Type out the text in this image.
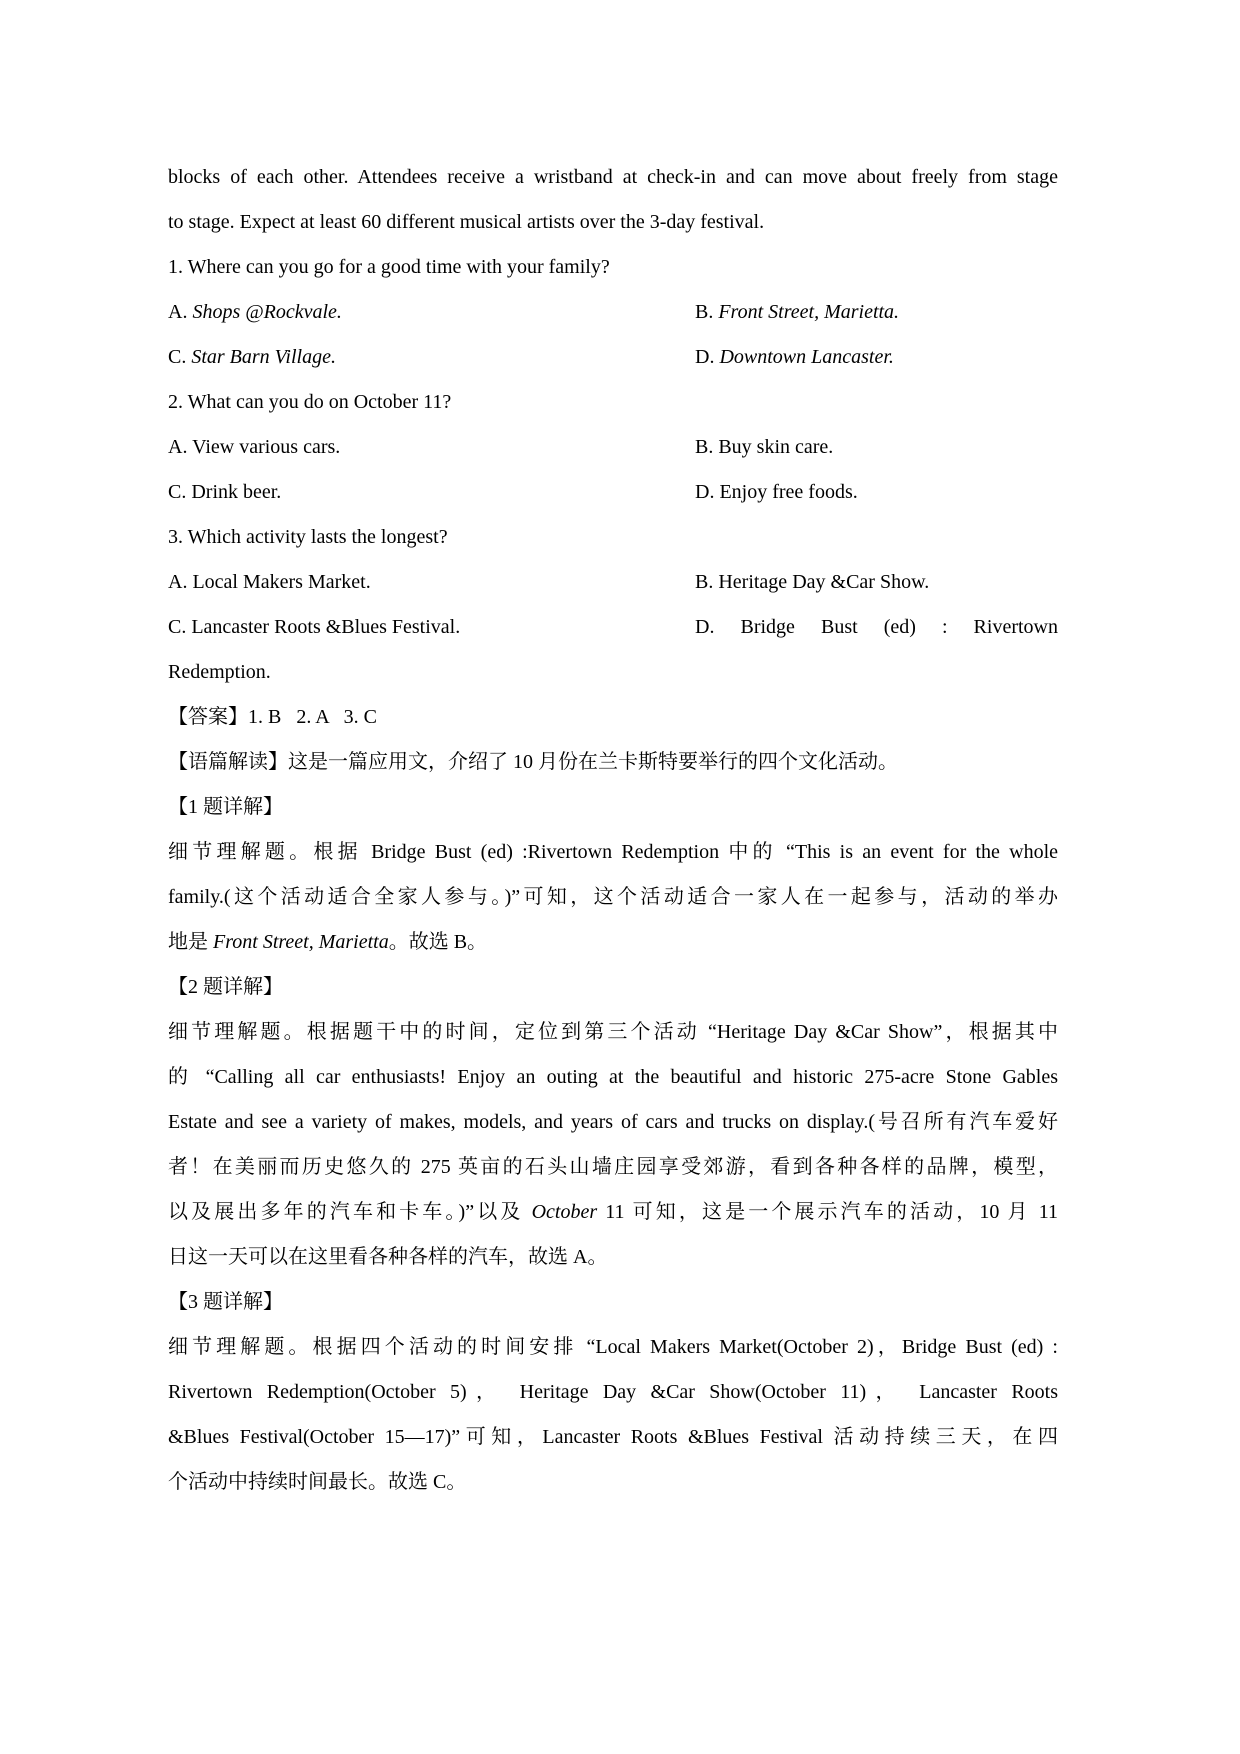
blocks of each other. Attendees receive a wristband at check-in and can move about freely from stage
to stage. Expect at least 60 different musical artists over the 3-day festival.
1. Where can you go for a good time with your family?
A. Shops @Rockvale.	B. Front Street, Marietta.
C. Star Barn Village.	D. Downtown Lancaster.
2. What can you do on October 11?
A. View various cars.	B. Buy skin care.
C. Drink beer.	D. Enjoy free foods.
3. Which activity lasts the longest?
A. Local Makers Market.	B. Heritage Day &Car Show.
C. Lancaster Roots &Blues Festival.	D. Bridge Bust (ed) : Rivertown
Redemption.
【答案】1. B   2. A   3. C
【语篇解读】这是一篇应用文，介绍了 10 月份在兰卡斯特要举行的四个文化活动。
【1 题详解】
细节理解题。根据 Bridge Bust (ed) :Rivertown Redemption 中的 “This is an event for the whole
family.(这个活动适合全家人参与。)”可知，这个活动适合一家人在一起参与，活动的举办
地是 Front Street, Marietta。故选 B。
【2 题详解】
细节理解题。根据题干中的时间，定位到第三个活动 “Heritage Day &Car Show”，根据其中
的 “Calling all car enthusiasts! Enjoy an outing at the beautiful and historic 275-acre Stone Gables
Estate and see a variety of makes, models, and years of cars and trucks on display.(号召所有汽车爱好
者！在美丽而历史悠久的 275 英亩的石头山墙庄园享受郊游，看到各种各样的品牌，模型，
以及展出多年的汽车和卡车。)”以及 October 11 可知，这是一个展示汽车的活动，10 月 11
日这一天可以在这里看各种各样的汽车，故选 A。
【3 题详解】
细节理解题。根据四个活动的时间安排 “Local Makers Market(October 2)，Bridge Bust (ed) :
Rivertown Redemption(October 5)， Heritage Day &Car Show(October 11)， Lancaster Roots
&Blues Festival(October 15—17)”可知，Lancaster Roots &Blues Festival 活动持续三天，在四
个活动中持续时间最长。故选 C。
